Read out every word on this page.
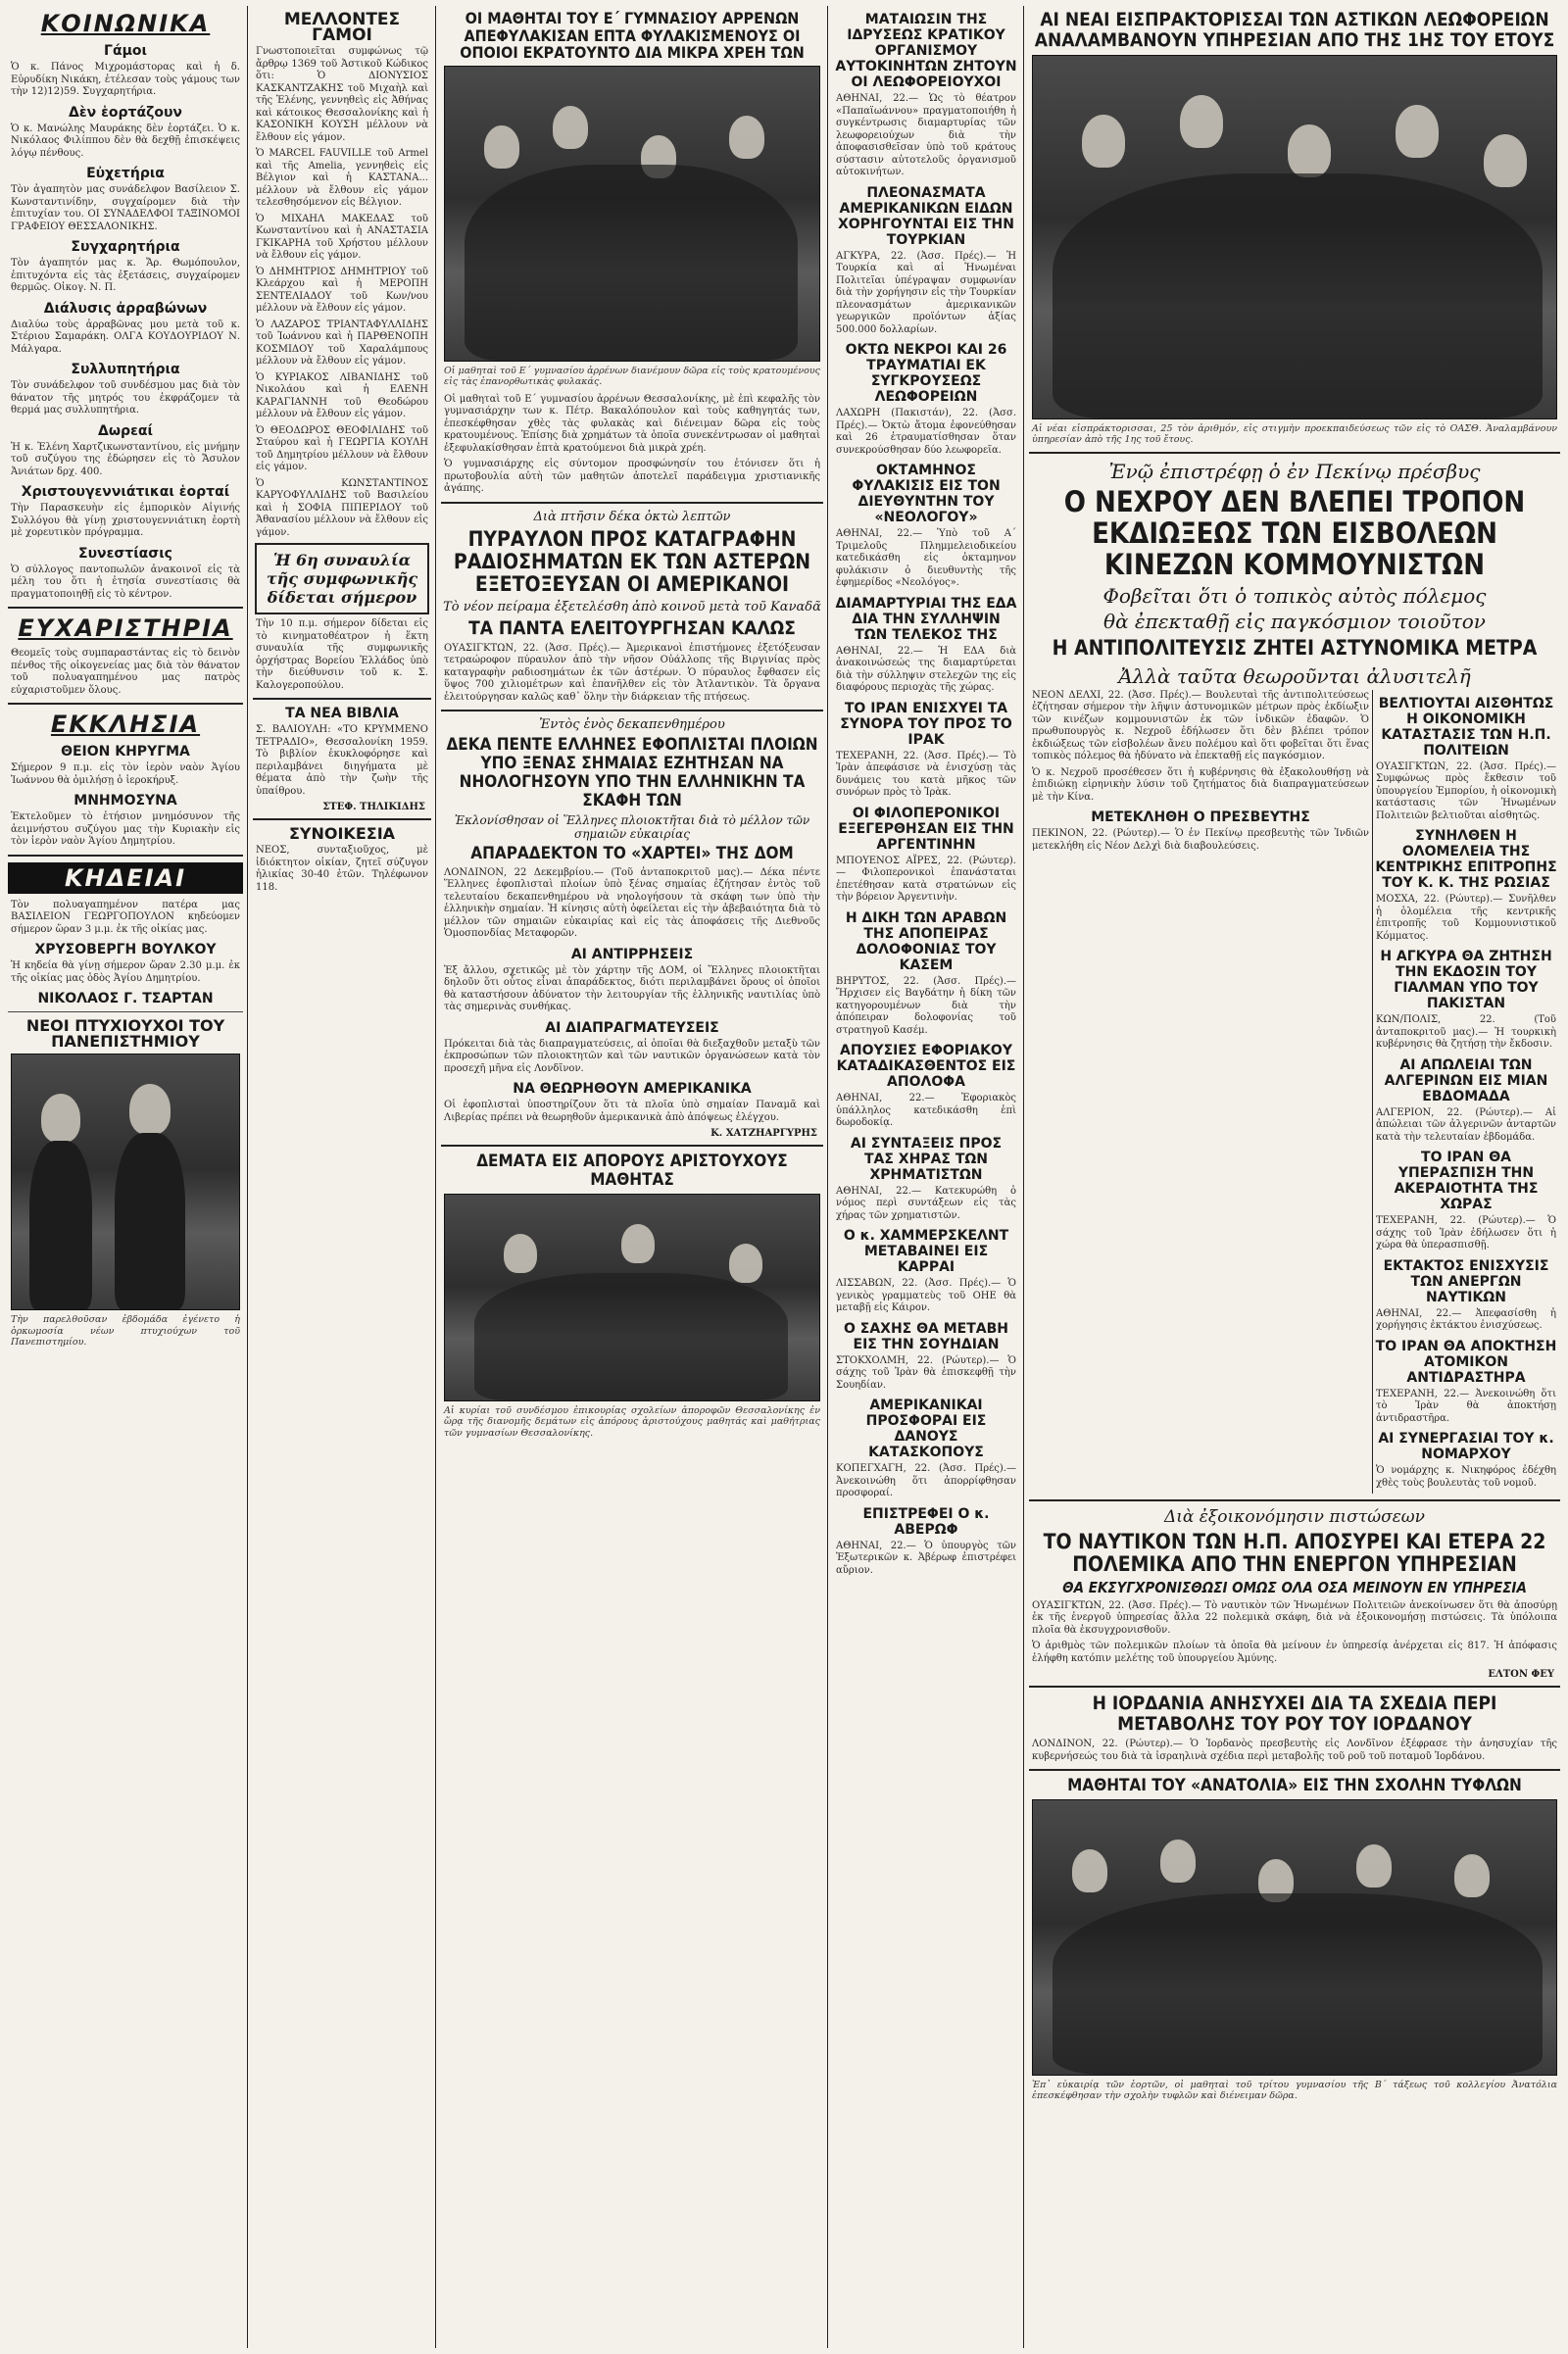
ΚΟΙΝΩΝΙΚΑ
Γάμοι
Ὁ κ. Πάνος Μιχρομάστορας καὶ ἡ δ. Εὐρυδίκη Νικάκη, ἐτέλεσαν τοὺς γάμους των τὴν 12)12)59. Συγχαρητήρια.
Δὲν ἑορτάζουν
Ὁ κ. Μανώλης Μαυράκης δὲν ἑορτάζει. Ὁ κ. Νικόλαος Φιλίππου δὲν θὰ δεχθῇ ἐπισκέψεις λόγῳ πένθους.
Εὐχετήρια
Τὸν ἀγαπητὸν μας συνάδελφον Βασίλειον Σ. Κωνσταντινίδην, συγχαίρομεν διὰ τὴν ἐπιτυχίαν του. ΟΙ ΣΥΝΑΔΕΛΦΟΙ ΤΑΞΙΝΟΜΟΙ ΓΡΑΦΕΙΟΥ ΘΕΣΣΑΛΟΝΙΚΗΣ.
Συγχαρητήρια
Τὸν ἀγαπητόν μας κ. Ἄρ. Θωμόπουλον, ἐπιτυχόντα εἰς τὰς ἐξετάσεις, συγχαίρομεν θερμῶς. Οἰκογ. Ν. Π.
Διάλυσις ἀρραβώνων
Διαλύω τοὺς ἀρραβῶνας μου μετὰ τοῦ κ. Στέριου Σαμαράκη. ΟΛΓΑ ΚΟΥΔΟΥΡΙΔΟΥ Ν. Μάλγαρα.
Συλλυπητήρια
Τὸν συνάδελφον τοῦ συνδέσμου μας διὰ τὸν θάνατον τῆς μητρός του ἐκφράζομεν τὰ θερμά μας συλλυπητήρια.
Δωρεαί
Ἡ κ. Ἑλένη Χαρτζικωνσταντίνου, εἰς μνήμην τοῦ συζύγου της ἐδώρησεν εἰς τὸ Ἄσυλον Ἀνιάτων δρχ. 400.
Χριστουγεννιάτικαι ἑορταί
Τὴν Παρασκευὴν εἰς ἐμπορικὸν Αἰγινής Συλλόγου θὰ γίνῃ χριστουγεννιάτικη ἑορτὴ μὲ χορευτικὸν πρόγραμμα.
Συνεστίασις
Ὁ σύλλογος παντοπωλῶν ἀνακοινοῖ εἰς τὰ μέλη του ὅτι ἡ ἐτησία συνεστίασις θὰ πραγματοποιηθῇ εἰς τὸ κέντρον.
ΕΥΧΑΡΙΣΤΗΡΙΑ
Θεομεῖς τοὺς συμπαραστάντας εἰς τὸ δεινὸν πένθος τῆς οἰκογενείας μας διὰ τὸν θάνατον τοῦ πολυαγαπημένου μας πατρὸς εὐχαριστοῦμεν ὅλους.
ΕΚΚΛΗΣΙΑ
ΘΕΙΟΝ ΚΗΡΥΓΜΑ
Σήμερον 9 π.μ. εἰς τὸν ἱερὸν ναὸν Ἁγίου Ἰωάννου θὰ ὁμιλήσῃ ὁ ἱεροκήρυξ.
ΜΝΗΜΟΣΥΝΑ
Ἐκτελοῦμεν τὸ ἐτήσιον μνημόσυνον τῆς ἀειμνήστου συζύγου μας τὴν Κυριακὴν εἰς τὸν ἱερὸν ναὸν Ἁγίου Δημητρίου.
ΚΗΔΕΙΑΙ
Τὸν πολυαγαπημένον πατέρα μας ΒΑΣΙΛΕΙΟΝ ΓΕΩΡΓΟΠΟΥΛΟΝ κηδεύομεν σήμερον ὥραν 3 μ.μ. ἐκ τῆς οἰκίας μας.
ΧΡΥΣΟΒΕΡΓΗ ΒΟΥΛΚΟΥ
Ἡ κηδεία θὰ γίνῃ σήμερον ὥραν 2.30 μ.μ. ἐκ τῆς οἰκίας μας ὁδὸς Ἀγίου Δημητρίου.
ΝΙΚΟΛΑΟΣ Γ. ΤΣΑΡΤΑΝ
ΝΕΟΙ ΠΤΥΧΙΟΥΧΟΙ ΤΟΥ ΠΑΝΕΠΙΣΤΗΜΙΟΥ
Τὴν παρελθοῦσαν ἐβδομάδα ἐγένετο ἡ ὁρκωμοσία νέων πτυχιούχων τοῦ Πανεπιστημίου.
ΜΕΛΛΟΝΤΕΣ ΓΑΜΟΙ
Γνωστοποιεῖται συμφώνως τῷ ἄρθρῳ 1369 τοῦ Ἀστικοῦ Κώδικος ὅτι: Ὁ ΔΙΟΝΥΣΙΟΣ ΚΑΣΚΑΝΤΖΑΚΗΣ τοῦ Μιχαὴλ καὶ τῆς Ἑλένης, γεννηθεὶς εἰς Ἀθήνας καὶ κάτοικος Θεσσαλονίκης καὶ ἡ ΚΑΣΟΝΙΚΗ ΚΟΥΣΗ μέλλουν νὰ ἔλθουν εἰς γάμον.
Ὁ MARCEL FAUVILLE τοῦ Armel καὶ τῆς Amelia, γεννηθεὶς εἰς Βέλγιον καὶ ἡ ΚΑΣΤΑΝΑ... μέλλουν νὰ ἔλθουν εἰς γάμον τελεσθησόμενον εἰς Βέλγιον.
Ὁ ΜΙΧΑΗΛ ΜΑΚΕΔΑΣ τοῦ Κωνσταντίνου καὶ ἡ ΑΝΑΣΤΑΣΙΑ ΓΚΙΚΑΡΗΑ τοῦ Χρήστου μέλλουν νὰ ἔλθουν εἰς γάμον.
Ὁ ΔΗΜΗΤΡΙΟΣ ΔΗΜΗΤΡΙΟΥ τοῦ Κλεάρχου καὶ ἡ ΜΕΡΟΠΗ ΣΕΝΤΕΛΙΑΔΟΥ τοῦ Κων/νου μέλλουν νὰ ἔλθουν εἰς γάμον.
Ὁ ΛΑΖΑΡΟΣ ΤΡΙΑΝΤΑΦΥΛΛΙΔΗΣ τοῦ Ἰωάννου καὶ ἡ ΠΑΡΘΕΝΟΠΗ ΚΟΣΜΙΔΟΥ τοῦ Χαραλάμπους μέλλουν νὰ ἔλθουν εἰς γάμον.
Ὁ ΚΥΡΙΑΚΟΣ ΛΙΒΑΝΙΔΗΣ τοῦ Νικολάου καὶ ἡ ΕΛΕΝΗ ΚΑΡΑΓΙΑΝΝΗ τοῦ Θεοδώρου μέλλουν νὰ ἔλθουν εἰς γάμον.
Ὁ ΘΕΟΔΩΡΟΣ ΘΕΟΦΙΛΙΔΗΣ τοῦ Σταύρου καὶ ἡ ΓΕΩΡΓΙΑ ΚΟΥΛΗ τοῦ Δημητρίου μέλλουν νὰ ἔλθουν εἰς γάμον.
Ὁ ΚΩΝΣΤΑΝΤΙΝΟΣ ΚΑΡΥΟΦΥΛΛΙΔΗΣ τοῦ Βασιλείου καὶ ἡ ΣΟΦΙΑ ΠΙΠΕΡΙΔΟΥ τοῦ Ἀθανασίου μέλλουν νὰ ἔλθουν εἰς γάμον.
Ἡ 6η συναυλία τῆς συμφωνικῆς δίδεται σήμερον
Τὴν 10 π.μ. σήμερον δίδεται εἰς τὸ κινηματοθέατρον ἡ ἕκτη συναυλία τῆς συμφωνικῆς ὀρχήστρας Βορείου Ἑλλάδος ὑπὸ τὴν διεύθυνσιν τοῦ κ. Σ. Καλογεροπούλου.
ΤΑ ΝΕΑ ΒΙΒΛΙΑ
Σ. ΒΑΛΙΟΥΛΗ: «ΤΟ ΚΡΥΜΜΕΝΟ ΤΕΤΡΑΔΙΟ», Θεσσαλονίκη 1959. Τὸ βιβλίον ἐκυκλοφόρησε καὶ περιλαμβάνει διηγήματα μὲ θέματα ἀπὸ τὴν ζωὴν τῆς ὑπαίθρου.
ΣΤΕΦ. ΤΗΛΙΚΙΔΗΣ
ΣΥΝΟΙΚΕΣΙΑ
ΝΕΟΣ, συνταξιοῦχος, μὲ ἰδιόκτητον οἰκίαν, ζητεῖ σύζυγον ἡλικίας 30-40 ἐτῶν. Τηλέφωνον 118.
ΟΙ ΜΑΘΗΤΑΙ ΤΟΥ Ε΄ ΓΥΜΝΑΣΙΟΥ ΑΡΡΕΝΩΝ ΑΠΕΦΥΛΑΚΙΣΑΝ ΕΠΤΑ ΦΥΛΑΚΙΣΜΕΝΟΥΣ ΟΙ ΟΠΟΙΟΙ ΕΚΡΑΤΟΥΝΤΟ ΔΙΑ ΜΙΚΡΑ ΧΡΕΗ ΤΩΝ
Οἱ μαθηταὶ τοῦ Ε΄ γυμνασίου ἀρρένων διανέμουν δῶρα εἰς τοὺς κρατουμένους εἰς τὰς ἐπανορθωτικὰς φυλακάς.
Οἱ μαθηταὶ τοῦ Ε΄ γυμνασίου ἀρρένων Θεσσαλονίκης, μὲ ἐπὶ κεφαλῆς τὸν γυμνασιάρχην των κ. Πέτρ. Βακαλόπουλον καὶ τοὺς καθηγητάς των, ἐπεσκέφθησαν χθὲς τὰς φυλακὰς καὶ διένειμαν δῶρα εἰς τοὺς κρατουμένους. Ἐπίσης διὰ χρημάτων τὰ ὁποῖα συνεκέντρωσαν οἱ μαθηταὶ ἐξεφυλακίσθησαν ἑπτὰ κρατούμενοι διὰ μικρὰ χρέη.
Ὁ γυμνασιάρχης εἰς σύντομον προσφώνησίν του ἐτόνισεν ὅτι ἡ πρωτοβουλία αὐτὴ τῶν μαθητῶν ἀποτελεῖ παράδειγμα χριστιανικῆς ἀγάπης.
Διὰ πτῆσιν δέκα ὀκτὼ λεπτῶν
ΠΥΡΑΥΛΟΝ ΠΡΟΣ ΚΑΤΑΓΡΑΦΗΝ ΡΑΔΙΟΣΗΜΑΤΩΝ ΕΚ ΤΩΝ ΑΣΤΕΡΩΝ ΕΞΕΤΟΞΕΥΣΑΝ ΟΙ ΑΜΕΡΙΚΑΝΟΙ
Τὸ νέον πείραμα ἐξετελέσθη ἀπὸ κοινοῦ μετὰ τοῦ Καναδᾶ
ΤΑ ΠΑΝΤΑ ΕΛΕΙΤΟΥΡΓΗΣΑΝ ΚΑΛΩΣ
ΟΥΑΣΙΓΚΤΩΝ, 22. (Ἀσσ. Πρές).— Ἀμερικανοὶ ἐπιστήμονες ἐξετόξευσαν τετραώροφον πύραυλον ἀπὸ τὴν νῆσον Οὐάλλοπς τῆς Βιργινίας πρὸς καταγραφὴν ραδιοσημάτων ἐκ τῶν ἀστέρων. Ὁ πύραυλος ἔφθασεν εἰς ὕψος 700 χιλιομέτρων καὶ ἐπανῆλθεν εἰς τὸν Ἀτλαντικὸν. Τὰ ὄργανα ἐλειτούργησαν καλῶς καθ᾽ ὅλην τὴν διάρκειαν τῆς πτήσεως.
Ἐντὸς ἑνὸς δεκαπενθημέρου
ΔΕΚΑ ΠΕΝΤΕ ΕΛΛΗΝΕΣ ΕΦΟΠΛΙΣΤΑΙ ΠΛΟΙΩΝ ΥΠΟ ΞΕΝΑΣ ΣΗΜΑΙΑΣ ΕΖΗΤΗΣΑΝ ΝΑ ΝΗΟΛΟΓΗΣΟΥΝ ΥΠΟ ΤΗΝ ΕΛΛΗΝΙΚΗΝ ΤΑ ΣΚΑΦΗ ΤΩΝ
Ἐκλονίσθησαν οἱ Ἕλληνες πλοιοκτῆται διὰ τὸ μέλλον τῶν σημαιῶν εὐκαιρίας
ΑΠΑΡΑΔΕΚΤΟΝ ΤΟ «ΧΑΡΤΕΙ» ΤΗΣ ΔΟΜ
ΛΟΝΔΙΝΟΝ, 22 Δεκεμβρίου.— (Τοῦ ἀνταποκριτοῦ μας).— Δέκα πέντε Ἕλληνες ἐφοπλισταὶ πλοίων ὑπὸ ξένας σημαίας ἐζήτησαν ἐντὸς τοῦ τελευταίου δεκαπενθημέρου νὰ νηολογήσουν τὰ σκάφη των ὑπὸ τὴν ἑλληνικὴν σημαίαν. Ἡ κίνησις αὐτὴ ὀφείλεται εἰς τὴν ἀβεβαιότητα διὰ τὸ μέλλον τῶν σημαιῶν εὐκαιρίας καὶ εἰς τὰς ἀποφάσεις τῆς Διεθνοῦς Ὁμοσπονδίας Μεταφορῶν.
ΑΙ ΑΝΤΙΡΡΗΣΕΙΣ
Ἐξ ἄλλου, σχετικῶς μὲ τὸν χάρτην τῆς ΔΟΜ, οἱ Ἕλληνες πλοιοκτῆται δηλοῦν ὅτι οὗτος εἶναι ἀπαράδεκτος, διότι περιλαμβάνει ὅρους οἱ ὁποῖοι θὰ καταστήσουν ἀδύνατον τὴν λειτουργίαν τῆς ἑλληνικῆς ναυτιλίας ὑπὸ τὰς σημερινὰς συνθήκας.
ΑΙ ΔΙΑΠΡΑΓΜΑΤΕΥΣΕΙΣ
Πρόκειται διὰ τὰς διαπραγματεύσεις, αἱ ὁποῖαι θὰ διεξαχθοῦν μεταξὺ τῶν ἐκπροσώπων τῶν πλοιοκτητῶν καὶ τῶν ναυτικῶν ὀργανώσεων κατὰ τὸν προσεχῆ μῆνα εἰς Λονδῖνον.
ΝΑ ΘΕΩΡΗΘΟΥΝ ΑΜΕΡΙΚΑΝΙΚΑ
Οἱ ἐφοπλισταὶ ὑποστηρίζουν ὅτι τὰ πλοῖα ὑπὸ σημαίαν Παναμᾶ καὶ Λιβερίας πρέπει νὰ θεωρηθοῦν ἀμερικανικὰ ἀπὸ ἀπόψεως ἐλέγχου.
Κ. ΧΑΤΖΗΑΡΓΥΡΗΣ
ΔΕΜΑΤΑ ΕΙΣ ΑΠΟΡΟΥΣ ΑΡΙΣΤΟΥΧΟΥΣ ΜΑΘΗΤΑΣ
Αἱ κυρίαι τοῦ συνδέσμου ἐπικουρίας σχολείων ἀποροφῶν Θεσσαλονίκης ἐν ὥρᾳ τῆς διανομῆς δεμάτων εἰς ἀπόρους ἀριστούχους μαθητάς καὶ μαθήτριας τῶν γυμνασίων Θεσσαλονίκης.
ΜΑΤΑΙΩΣΙΝ ΤΗΣ ΙΔΡΥΣΕΩΣ ΚΡΑΤΙΚΟΥ ΟΡΓΑΝΙΣΜΟΥ ΑΥΤΟΚΙΝΗΤΩΝ ΖΗΤΟΥΝ ΟΙ ΛΕΩΦΟΡΕΙΟΥΧΟΙ
ΑΘΗΝΑΙ, 22.— Ὡς τὸ θέατρον «Παπαϊωάννου» πραγματοποιήθη ἡ συγκέντρωσις διαμαρτυρίας τῶν λεωφορειούχων διὰ τὴν ἀποφασισθεῖσαν ὑπὸ τοῦ κράτους σύστασιν αὐτοτελοῦς ὀργανισμοῦ αὐτοκινήτων.
ΠΛΕΟΝΑΣΜΑΤΑ ΑΜΕΡΙΚΑΝΙΚΩΝ ΕΙΔΩΝ ΧΟΡΗΓΟΥΝΤΑΙ ΕΙΣ ΤΗΝ ΤΟΥΡΚΙΑΝ
ΑΓΚΥΡΑ, 22. (Ἀσσ. Πρές).— Ἡ Τουρκία καὶ αἱ Ἡνωμέναι Πολιτεῖαι ὑπέγραψαν συμφωνίαν διὰ τὴν χορήγησιν εἰς τὴν Τουρκίαν πλεονασμάτων ἀμερικανικῶν γεωργικῶν προϊόντων ἀξίας 500.000 δολλαρίων.
ΟΚΤΩ ΝΕΚΡΟΙ ΚΑΙ 26 ΤΡΑΥΜΑΤΙΑΙ ΕΚ ΣΥΓΚΡΟΥΣΕΩΣ ΛΕΩΦΟΡΕΙΩΝ
ΛΑΧΩΡΗ (Πακιστάν), 22. (Ἀσσ. Πρές).— Ὀκτὼ ἄτομα ἐφονεύθησαν καὶ 26 ἐτραυματίσθησαν ὅταν συνεκρούσθησαν δύο λεωφορεῖα.
ΟΚΤΑΜΗΝΟΣ ΦΥΛΑΚΙΣΙΣ ΕΙΣ ΤΟΝ ΔΙΕΥΘΥΝΤΗΝ ΤΟΥ «ΝΕΟΛΟΓΟΥ»
ΑΘΗΝΑΙ, 22.— Ὑπὸ τοῦ Α΄ Τριμελοῦς Πλημμελειοδικείου κατεδικάσθη εἰς ὀκταμηνον φυλάκισιν ὁ διευθυντὴς τῆς ἐφημερίδος «Νεολόγος».
ΔΙΑΜΑΡΤΥΡΙΑΙ ΤΗΣ ΕΔΑ ΔΙΑ ΤΗΝ ΣΥΛΛΗΨΙΝ ΤΩΝ ΤΕΛΕΚΟΣ ΤΗΣ
ΑΘΗΝΑΙ, 22.— Ἡ ΕΔΑ διὰ ἀνακοινώσεώς της διαμαρτύρεται διὰ τὴν σύλληψιν στελεχῶν της εἰς διαφόρους περιοχὰς τῆς χώρας.
ΤΟ ΙΡΑΝ ΕΝΙΣΧΥΕΙ ΤΑ ΣΥΝΟΡΑ ΤΟΥ ΠΡΟΣ ΤΟ ΙΡΑΚ
ΤΕΧΕΡΑΝΗ, 22. (Ἀσσ. Πρές).— Τὸ Ἰρὰν ἀπεφάσισε νὰ ἐνισχύσῃ τὰς δυνάμεις του κατὰ μῆκος τῶν συνόρων πρὸς τὸ Ἰρὰκ.
ΟΙ ΦΙΛΟΠΕΡΟΝΙΚΟΙ ΕΞΕΓΕΡΘΗΣΑΝ ΕΙΣ ΤΗΝ ΑΡΓΕΝΤΙΝΗΝ
ΜΠΟΥΕΝΟΣ ΑΪΡΕΣ, 22. (Ρώυτερ).— Φιλοπερονικοὶ ἐπανάσταται ἐπετέθησαν κατὰ στρατώνων εἰς τὴν βόρειον Ἀργεντινὴν.
Η ΔΙΚΗ ΤΩΝ ΑΡΑΒΩΝ ΤΗΣ ΑΠΟΠΕΙΡΑΣ ΔΟΛΟΦΟΝΙΑΣ ΤΟΥ ΚΑΣΕΜ
ΒΗΡΥΤΟΣ, 22. (Ἀσσ. Πρές).— Ἤρχισεν εἰς Βαγδάτην ἡ δίκη τῶν κατηγορουμένων διὰ τὴν ἀπόπειραν δολοφονίας τοῦ στρατηγοῦ Κασέμ.
ΑΠΟΥΣΙΕΣ ΕΦΟΡΙΑΚΟΥ ΚΑΤΑΔΙΚΑΣΘΕΝΤΟΣ ΕΙΣ ΑΠΟΛΟΦΑ
ΑΘΗΝΑΙ, 22.— Ἐφοριακὸς ὑπάλληλος κατεδικάσθη ἐπὶ δωροδοκίᾳ.
ΑΙ ΣΥΝΤΑΞΕΙΣ ΠΡΟΣ ΤΑΣ ΧΗΡΑΣ ΤΩΝ ΧΡΗΜΑΤΙΣΤΩΝ
ΑΘΗΝΑΙ, 22.— Κατεκυρώθη ὁ νόμος περὶ συντάξεων εἰς τὰς χήρας τῶν χρηματιστῶν.
Ο κ. ΧΑΜΜΕΡΣΚΕΛΝΤ ΜΕΤΑΒΑΙΝΕΙ ΕΙΣ ΚΑΡΡΑΙ
ΛΙΣΣΑΒΩΝ, 22. (Ἀσσ. Πρές).— Ὁ γενικὸς γραμματεὺς τοῦ ΟΗΕ θὰ μεταβῇ εἰς Κάιρον.
Ο ΣΑΧΗΣ ΘΑ ΜΕΤΑΒΗ ΕΙΣ ΤΗΝ ΣΟΥΗΔΙΑΝ
ΣΤΟΚΧΟΛΜΗ, 22. (Ρώυτερ).— Ὁ σάχης τοῦ Ἰρὰν θὰ ἐπισκεφθῇ τὴν Σουηδίαν.
ΑΜΕΡΙΚΑΝΙΚΑΙ ΠΡΟΣΦΟΡΑΙ ΕΙΣ ΔΑΝΟΥΣ ΚΑΤΑΣΚΟΠΟΥΣ
ΚΟΠΕΓΧΑΓΗ, 22. (Ἀσσ. Πρές).— Ἀνεκοινώθη ὅτι ἀπορρίφθησαν προσφοραί.
ΕΠΙΣΤΡΕΦΕΙ Ο κ. ΑΒΕΡΩΦ
ΑΘΗΝΑΙ, 22.— Ὁ ὑπουργὸς τῶν Ἐξωτερικῶν κ. Ἀβέρωφ ἐπιστρέφει αὔριον.
ΑΙ ΝΕΑΙ ΕΙΣΠΡΑΚΤΟΡΙΣΣΑΙ ΤΩΝ ΑΣΤΙΚΩΝ ΛΕΩΦΟΡΕΙΩΝ ΑΝΑΛΑΜΒΑΝΟΥΝ ΥΠΗΡΕΣΙΑΝ ΑΠΟ ΤΗΣ 1ΗΣ ΤΟΥ ΕΤΟΥΣ
Αἱ νέαι εἰσπράκτορισσαι, 25 τὸν ἀριθμόν, εἰς στιγμὴν προεκπαιδεύσεως τῶν εἰς τὸ ΟΑΣΘ. Ἀναλαμβάνουν ὑπηρεσίαν ἀπὸ τῆς 1ης τοῦ ἔτους.
Ἐνῷ ἐπιστρέφῃ ὁ ἐν Πεκίνῳ πρέσβυς
Ο ΝΕΧΡΟΥ ΔΕΝ ΒΛΕΠΕΙ ΤΡΟΠΟΝ ΕΚΔΙΩΞΕΩΣ ΤΩΝ ΕΙΣΒΟΛΕΩΝ ΚΙΝΕΖΩΝ ΚΟΜΜΟΥΝΙΣΤΩΝ
Φοβεῖται ὅτι ὁ τοπικὸς αὐτὸς πόλεμος
θὰ ἐπεκταθῇ εἰς παγκόσμιον τοιοῦτον
Η ΑΝΤΙΠΟΛΙΤΕΥΣΙΣ ΖΗΤΕΙ ΑΣΤΥΝΟΜΙΚΑ ΜΕΤΡΑ
Ἀλλὰ ταῦτα θεωροῦνται ἀλυσιτελῆ
ΝΕΟΝ ΔΕΛΧΙ, 22. (Ἀσσ. Πρές).— Βουλευταὶ τῆς ἀντιπολιτεύσεως ἐζήτησαν σήμερον τὴν λῆψιν ἀστυνομικῶν μέτρων πρὸς ἐκδίωξιν τῶν κινέζων κομμουνιστῶν ἐκ τῶν ἰνδικῶν ἐδαφῶν. Ὁ πρωθυπουργὸς κ. Νεχροῦ ἐδήλωσεν ὅτι δὲν βλέπει τρόπον ἐκδιώξεως τῶν εἰσβολέων ἄνευ πολέμου καὶ ὅτι φοβεῖται ὅτι ἕνας τοπικὸς πόλεμος θὰ ἠδύνατο νὰ ἐπεκταθῇ εἰς παγκόσμιον.
Ὁ κ. Νεχροῦ προσέθεσεν ὅτι ἡ κυβέρνησις θὰ ἐξακολουθήσῃ νὰ ἐπιδιώκῃ εἰρηνικὴν λύσιν τοῦ ζητήματος διὰ διαπραγματεύσεων μὲ τὴν Κίνα.
ΜΕΤΕΚΛΗΘΗ Ο ΠΡΕΣΒΕΥΤΗΣ
ΠΕΚΙΝΟΝ, 22. (Ρώυτερ).— Ὁ ἐν Πεκίνῳ πρεσβευτὴς τῶν Ἰνδιῶν μετεκλήθη εἰς Νέον Δελχὶ διὰ διαβουλεύσεις.
ΒΕΛΤΙΟΥΤΑΙ ΑΙΣΘΗΤΩΣ Η ΟΙΚΟΝΟΜΙΚΗ ΚΑΤΑΣΤΑΣΙΣ ΤΩΝ Η.Π. ΠΟΛΙΤΕΙΩΝ
ΟΥΑΣΙΓΚΤΩΝ, 22. (Ἀσσ. Πρές).— Συμφώνως πρὸς ἔκθεσιν τοῦ ὑπουργείου Ἐμπορίου, ἡ οἰκονομικὴ κατάστασις τῶν Ἡνωμένων Πολιτειῶν βελτιοῦται αἰσθητῶς.
ΣΥΝΗΛΘΕΝ Η ΟΛΟΜΕΛΕΙΑ ΤΗΣ ΚΕΝΤΡΙΚΗΣ ΕΠΙΤΡΟΠΗΣ ΤΟΥ Κ. Κ. ΤΗΣ ΡΩΣΙΑΣ
ΜΟΣΧΑ, 22. (Ρώυτερ).— Συνῆλθεν ἡ ὁλομέλεια τῆς κεντρικῆς ἐπιτροπῆς τοῦ Κομμουνιστικοῦ Κόμματος.
Η ΑΓΚΥΡΑ ΘΑ ΖΗΤΗΣΗ ΤΗΝ ΕΚΔΟΣΙΝ ΤΟΥ ΓΙΑΛΜΑΝ ΥΠΟ ΤΟΥ ΠΑΚΙΣΤΑΝ
ΚΩΝ/ΠΟΛΙΣ, 22. (Τοῦ ἀνταποκριτοῦ μας).— Ἡ τουρκικὴ κυβέρνησις θὰ ζητήσῃ τὴν ἔκδοσιν.
ΑΙ ΑΠΩΛΕΙΑΙ ΤΩΝ ΑΛΓΕΡΙΝΩΝ ΕΙΣ ΜΙΑΝ ΕΒΔΟΜΑΔΑ
ΑΛΓΕΡΙΟΝ, 22. (Ρώυτερ).— Αἱ ἀπώλειαι τῶν ἀλγερινῶν ἀνταρτῶν κατὰ τὴν τελευταίαν ἑβδομάδα.
ΤΟ ΙΡΑΝ ΘΑ ΥΠΕΡΑΣΠΙΣΗ ΤΗΝ ΑΚΕΡΑΙΟΤΗΤΑ ΤΗΣ ΧΩΡΑΣ
ΤΕΧΕΡΑΝΗ, 22. (Ρώυτερ).— Ὁ σάχης τοῦ Ἰρὰν ἐδήλωσεν ὅτι ἡ χώρα θὰ ὑπερασπισθῇ.
ΕΚΤΑΚΤΟΣ ΕΝΙΣΧΥΣΙΣ ΤΩΝ ΑΝΕΡΓΩΝ ΝΑΥΤΙΚΩΝ
ΑΘΗΝΑΙ, 22.— Ἀπεφασίσθη ἡ χορήγησις ἐκτάκτου ἐνισχύσεως.
ΤΟ ΙΡΑΝ ΘΑ ΑΠΟΚΤΗΣΗ ΑΤΟΜΙΚΟΝ ΑΝΤΙΔΡΑΣΤΗΡΑ
ΤΕΧΕΡΑΝΗ, 22.— Ἀνεκοινώθη ὅτι τὸ Ἰρὰν θὰ ἀποκτήσῃ ἀντιδραστῆρα.
ΑΙ ΣΥΝΕΡΓΑΣΙΑΙ ΤΟΥ κ. ΝΟΜΑΡΧΟΥ
Ὁ νομάρχης κ. Νικηφόρος ἐδέχθη χθὲς τοὺς βουλευτὰς τοῦ νομοῦ.
Διὰ ἐξοικονόμησιν πιστώσεων
ΤΟ ΝΑΥΤΙΚΟΝ ΤΩΝ Η.Π. ΑΠΟΣΥΡΕΙ ΚΑΙ ΕΤΕΡΑ 22 ΠΟΛΕΜΙΚΑ ΑΠΟ ΤΗΝ ΕΝΕΡΓΟΝ ΥΠΗΡΕΣΙΑΝ
ΘΑ ΕΚΣΥΓΧΡΟΝΙΣΘΩΣΙ ΟΜΩΣ ΟΛΑ ΟΣΑ ΜΕΙΝΟΥΝ ΕΝ ΥΠΗΡΕΣΙΑ
ΟΥΑΣΙΓΚΤΩΝ, 22. (Ἀσσ. Πρές).— Τὸ ναυτικὸν τῶν Ἡνωμένων Πολιτειῶν ἀνεκοίνωσεν ὅτι θὰ ἀποσύρῃ ἐκ τῆς ἐνεργοῦ ὑπηρεσίας ἄλλα 22 πολεμικὰ σκάφη, διὰ νὰ ἐξοικονομήσῃ πιστώσεις. Τὰ ὑπόλοιπα πλοῖα θὰ ἐκσυγχρονισθοῦν.
Ὁ ἀριθμὸς τῶν πολεμικῶν πλοίων τὰ ὁποῖα θὰ μείνουν ἐν ὑπηρεσίᾳ ἀνέρχεται εἰς 817. Ἡ ἀπόφασις ἐλήφθη κατόπιν μελέτης τοῦ ὑπουργείου Ἀμύνης.
ΕΛΤΟΝ ΦΕΥ
Η ΙΟΡΔΑΝΙΑ ΑΝΗΣΥΧΕΙ ΔΙΑ ΤΑ ΣΧΕΔΙΑ ΠΕΡΙ ΜΕΤΑΒΟΛΗΣ ΤΟΥ ΡΟΥ ΤΟΥ ΙΟΡΔΑΝΟΥ
ΛΟΝΔΙΝΟΝ, 22. (Ρώυτερ).— Ὁ Ἰορδανὸς πρεσβευτὴς εἰς Λονδῖνον ἐξέφρασε τὴν ἀνησυχίαν τῆς κυβερνήσεώς του διὰ τὰ ἰσραηλινὰ σχέδια περὶ μεταβολῆς τοῦ ροῦ τοῦ ποταμοῦ Ἰορδάνου.
ΜΑΘΗΤΑΙ ΤΟΥ «ΑΝΑΤΟΛΙΑ» ΕΙΣ ΤΗΝ ΣΧΟΛΗΝ ΤΥΦΛΩΝ
Ἐπ᾽ εὐκαιρίᾳ τῶν ἑορτῶν, οἱ μαθηταὶ τοῦ τρίτου γυμνασίου τῆς Β΄ τάξεως τοῦ κολλεγίου Ἀνατόλια ἐπεσκέφθησαν τὴν σχολὴν τυφλῶν καὶ διένειμαν δῶρα.
